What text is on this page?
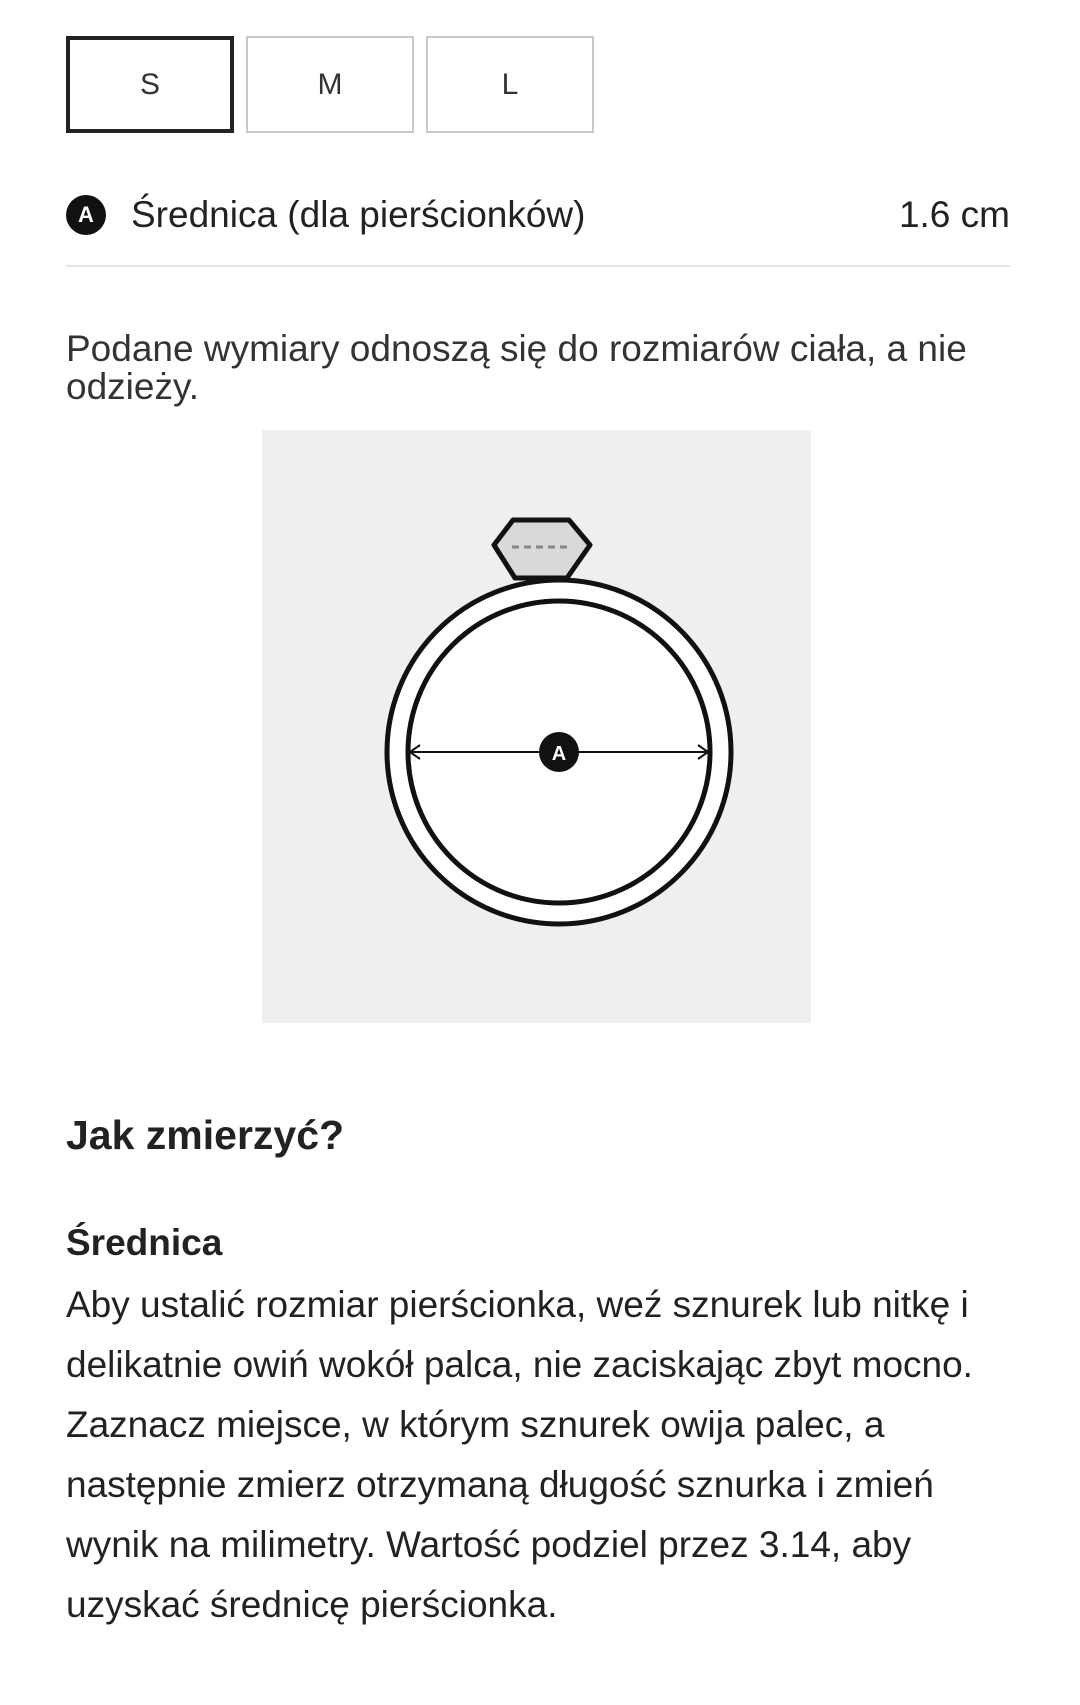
S	M	L
A	Średnica (dla pierścionków)	1.6 cm

Podane wymiary odnoszą się do rozmiarów ciała, a nie odzieży.

A
Jak zmierzyć?
Średnica

Aby ustalić rozmiar pierścionka, weź sznurek lub nitkę i delikatnie owiń wokół palca, nie zaciskając zbyt mocno. Zaznacz miejsce, w którym sznurek owija palec, a następnie zmierz otrzymaną długość sznurka i zmień wynik na milimetry. Wartość podziel przez 3.14, aby uzyskać średnicę pierścionka.
